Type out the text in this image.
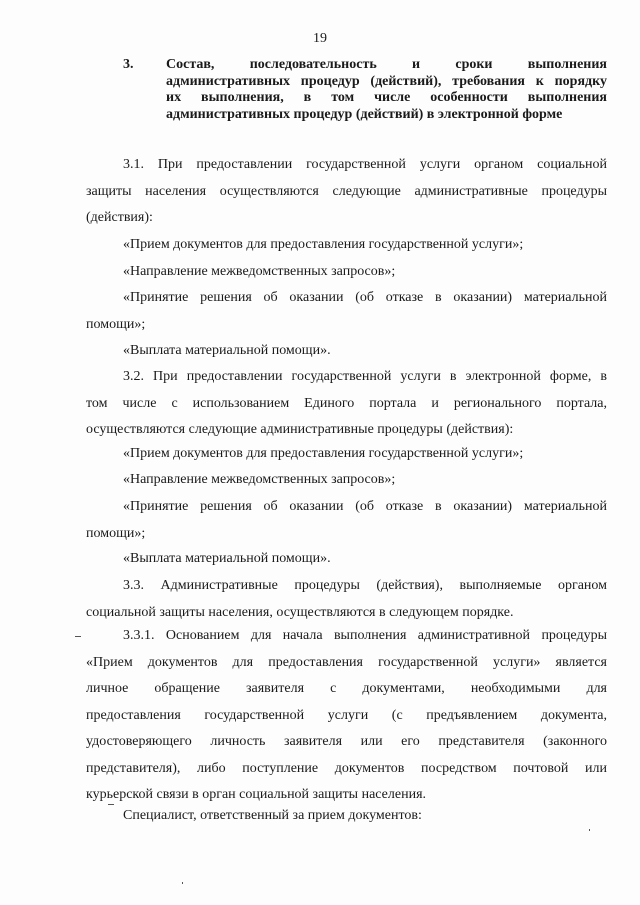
19
3. Состав, последовательность и сроки выполнения
административных процедур (действий), требования к порядку
их выполнения, в том числе особенности выполнения
административных процедур (действий) в электронной форме

3.1. При предоставлении государственной услуги органом социальной
защиты населения осуществляются следующие административные процедуры
(действия):

«Прием документов для предоставления государственной услуги»;

«Направление межведомственных запросов»;

«Принятие решения об оказании (об отказе в оказании) материальной
помощи»;

«Выплата материальной помощи».

3.2. При предоставлении государственной услуги в электронной форме, в
том числе с использованием Единого портала и регионального портала,
осуществляются следующие административные процедуры (действия):

«Прием документов для предоставления государственной услуги»;

«Направление межведомственных запросов»;

«Принятие решения об оказании (об отказе в оказании) материальной
помощи»;

«Выплата материальной помощи».

3.3. Административные процедуры (действия), выполняемые органом
социальной защиты населения, осуществляются в следующем порядке.

3.3.1. Основанием для начала выполнения административной процедуры
«Прием документов для предоставления государственной услуги» является
личное обращение заявителя с документами, необходимыми для
предоставления государственной услуги (с предъявлением документа,
удостоверяющего личность заявителя или его представителя (законного
представителя), либо поступление документов посредством почтовой или
курьерской связи в орган социальной защиты населения.

Специалист, ответственный за прием документов:
